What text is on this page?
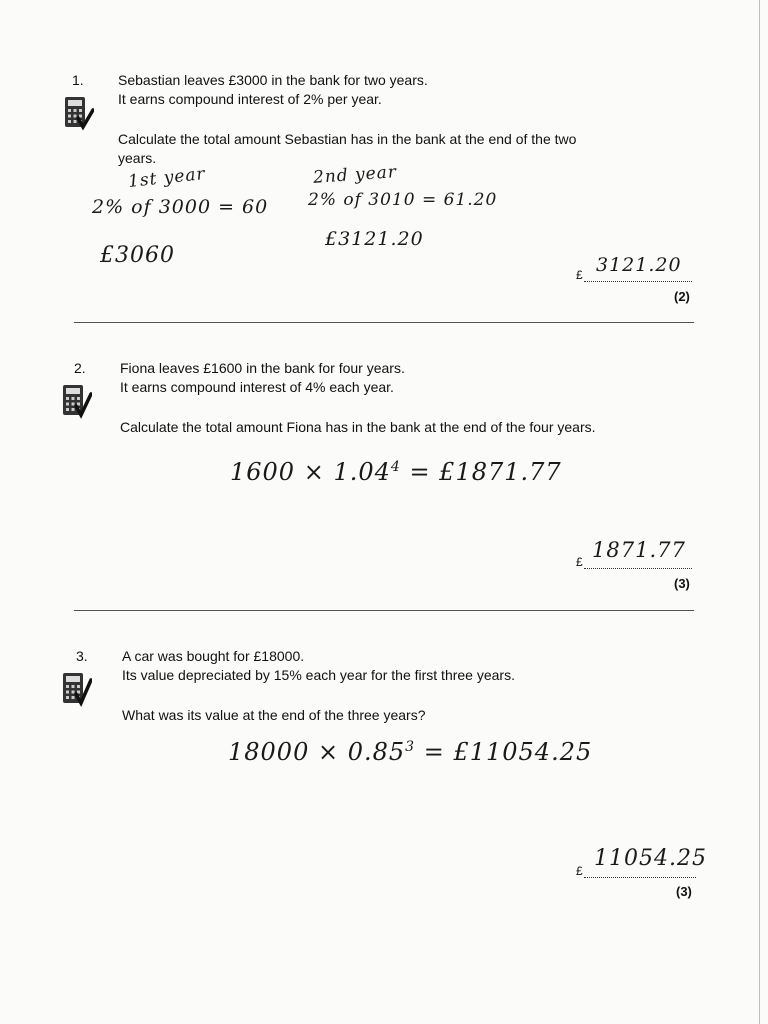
1. Sebastian leaves £3000 in the bank for two years.
It earns compound interest of 2% per year.
Calculate the total amount Sebastian has in the bank at the end of the two
years.
1st year
2% of 3000 = 60
£3060
2nd year
2% of 3010 = 61.20
£3121.20
£ 3121.20
(2)
2. Fiona leaves £1600 in the bank for four years.
It earns compound interest of 4% each year.
Calculate the total amount Fiona has in the bank at the end of the four years.
$1600 \times 1.04^4$ = £1871.77
£ 1871.77
(3)
3. A car was bought for £18000.
Its value depreciated by 15% each year for the first three years.
What was its value at the end of the three years?
$18000 \times 0.85^3$ = £11054.25
£ 11054.25
(3)
